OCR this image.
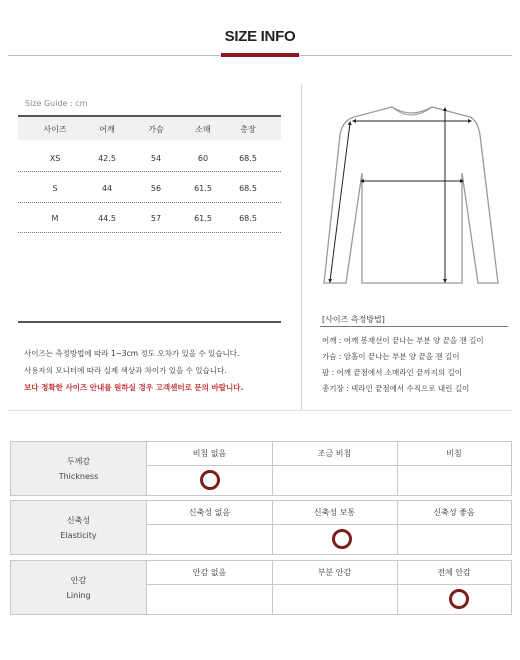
SIZE INFO
Size Guide : cm
사이즈	어깨	가슴	소매	총장
XS	42.5	54	60	68.5
S	44	56	61.5	68.5
M	44.5	57	61.5	68.5
사이즈는 측정방법에 따라 1~3cm 정도 오차가 있을 수 있습니다.
사용자의 모니터에 따라 실제 색상과 차이가 있을 수 있습니다.
보다 정확한 사이즈 안내를 원하실 경우 고객센터로 문의 바랍니다.
[사이즈 측정방법]
어깨 : 어깨 봉재선이 끝나는 부분 양 끝을 잰 길이
가슴 : 암홀이 끝나는 부분 양 끝을 잰 길이
팔 : 어깨 끝점에서 소매라인 끝까지의 길이
총기장 : 넥라인 끝점에서 수직으로 내린 길이
두께감
Thickness
비침 없음	조금 비침	비침
신축성
Elasticity
신축성 없음	신축성 보통	신축성 좋음
안감
Lining
안감 없음	부분 안감	전체 안감
